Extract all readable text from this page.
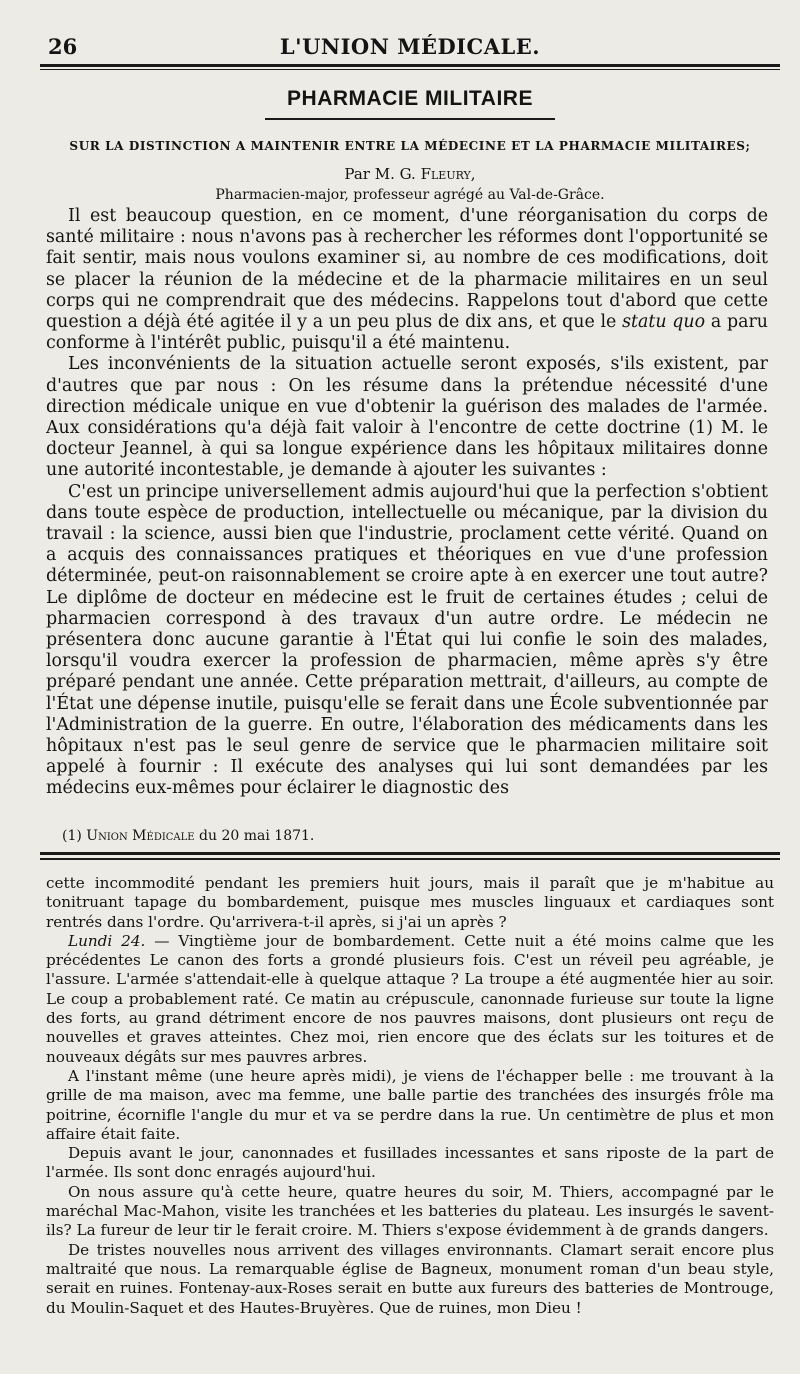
26	L'UNION MÉDICALE.
PHARMACIE MILITAIRE
SUR LA DISTINCTION A MAINTENIR ENTRE LA MÉDECINE ET LA PHARMACIE MILITAIRES;
Par M. G. Fleury,
Pharmacien-major, professeur agrégé au Val-de-Grâce.

Il est beaucoup question, en ce moment, d'une réorganisation du corps de santé militaire : nous n'avons pas à rechercher les réformes dont l'opportunité se fait sentir, mais nous voulons examiner si, au nombre de ces modifications, doit se placer la réunion de la médecine et de la pharmacie militaires en un seul corps qui ne comprendrait que des médecins. Rappelons tout d'abord que cette question a déjà été agitée il y a un peu plus de dix ans, et que le statu quo a paru conforme à l'intérêt public, puisqu'il a été maintenu.

Les inconvénients de la situation actuelle seront exposés, s'ils existent, par d'autres que par nous : On les résume dans la prétendue nécessité d'une direction médicale unique en vue d'obtenir la guérison des malades de l'armée. Aux considérations qu'a déjà fait valoir à l'encontre de cette doctrine (1) M. le docteur Jeannel, à qui sa longue expérience dans les hôpitaux militaires donne une autorité incontestable, je demande à ajouter les suivantes :

C'est un principe universellement admis aujourd'hui que la perfection s'obtient dans toute espèce de production, intellectuelle ou mécanique, par la division du travail : la science, aussi bien que l'industrie, proclament cette vérité. Quand on a acquis des connaissances pratiques et théoriques en vue d'une profession déterminée, peut-on raisonnablement se croire apte à en exercer une tout autre? Le diplôme de docteur en médecine est le fruit de certaines études ; celui de pharmacien correspond à des travaux d'un autre ordre. Le médecin ne présentera donc aucune garantie à l'État qui lui confie le soin des malades, lorsqu'il voudra exercer la profession de pharmacien, même après s'y être préparé pendant une année. Cette préparation mettrait, d'ailleurs, au compte de l'État une dépense inutile, puisqu'elle se ferait dans une École subventionnée par l'Administration de la guerre. En outre, l'élaboration des médicaments dans les hôpitaux n'est pas le seul genre de service que le pharmacien militaire soit appelé à fournir : Il exécute des analyses qui lui sont demandées par les médecins eux-mêmes pour éclairer le diagnostic des

(1) Union Médicale du 20 mai 1871.

cette incommodité pendant les premiers huit jours, mais il paraît que je m'habitue au tonitruant tapage du bombardement, puisque mes muscles linguaux et cardiaques sont rentrés dans l'ordre. Qu'arrivera-t-il après, si j'ai un après ?

Lundi 24. — Vingtième jour de bombardement. Cette nuit a été moins calme que les précédentes Le canon des forts a grondé plusieurs fois. C'est un réveil peu agréable, je l'assure. L'armée s'attendait-elle à quelque attaque ? La troupe a été augmentée hier au soir. Le coup a probablement raté. Ce matin au crépuscule, canonnade furieuse sur toute la ligne des forts, au grand détriment encore de nos pauvres maisons, dont plusieurs ont reçu de nouvelles et graves atteintes. Chez moi, rien encore que des éclats sur les toitures et de nouveaux dégâts sur mes pauvres arbres.

A l'instant même (une heure après midi), je viens de l'échapper belle : me trouvant à la grille de ma maison, avec ma femme, une balle partie des tranchées des insurgés frôle ma poitrine, écornifle l'angle du mur et va se perdre dans la rue. Un centimètre de plus et mon affaire était faite.

Depuis avant le jour, canonnades et fusillades incessantes et sans riposte de la part de l'armée. Ils sont donc enragés aujourd'hui.

On nous assure qu'à cette heure, quatre heures du soir, M. Thiers, accompagné par le maréchal Mac-Mahon, visite les tranchées et les batteries du plateau. Les insurgés le savent-ils? La fureur de leur tir le ferait croire. M. Thiers s'expose évidemment à de grands dangers.

De tristes nouvelles nous arrivent des villages environnants. Clamart serait encore plus maltraité que nous. La remarquable église de Bagneux, monument roman d'un beau style, serait en ruines. Fontenay-aux-Roses serait en butte aux fureurs des batteries de Montrouge, du Moulin-Saquet et des Hautes-Bruyères. Que de ruines, mon Dieu !
